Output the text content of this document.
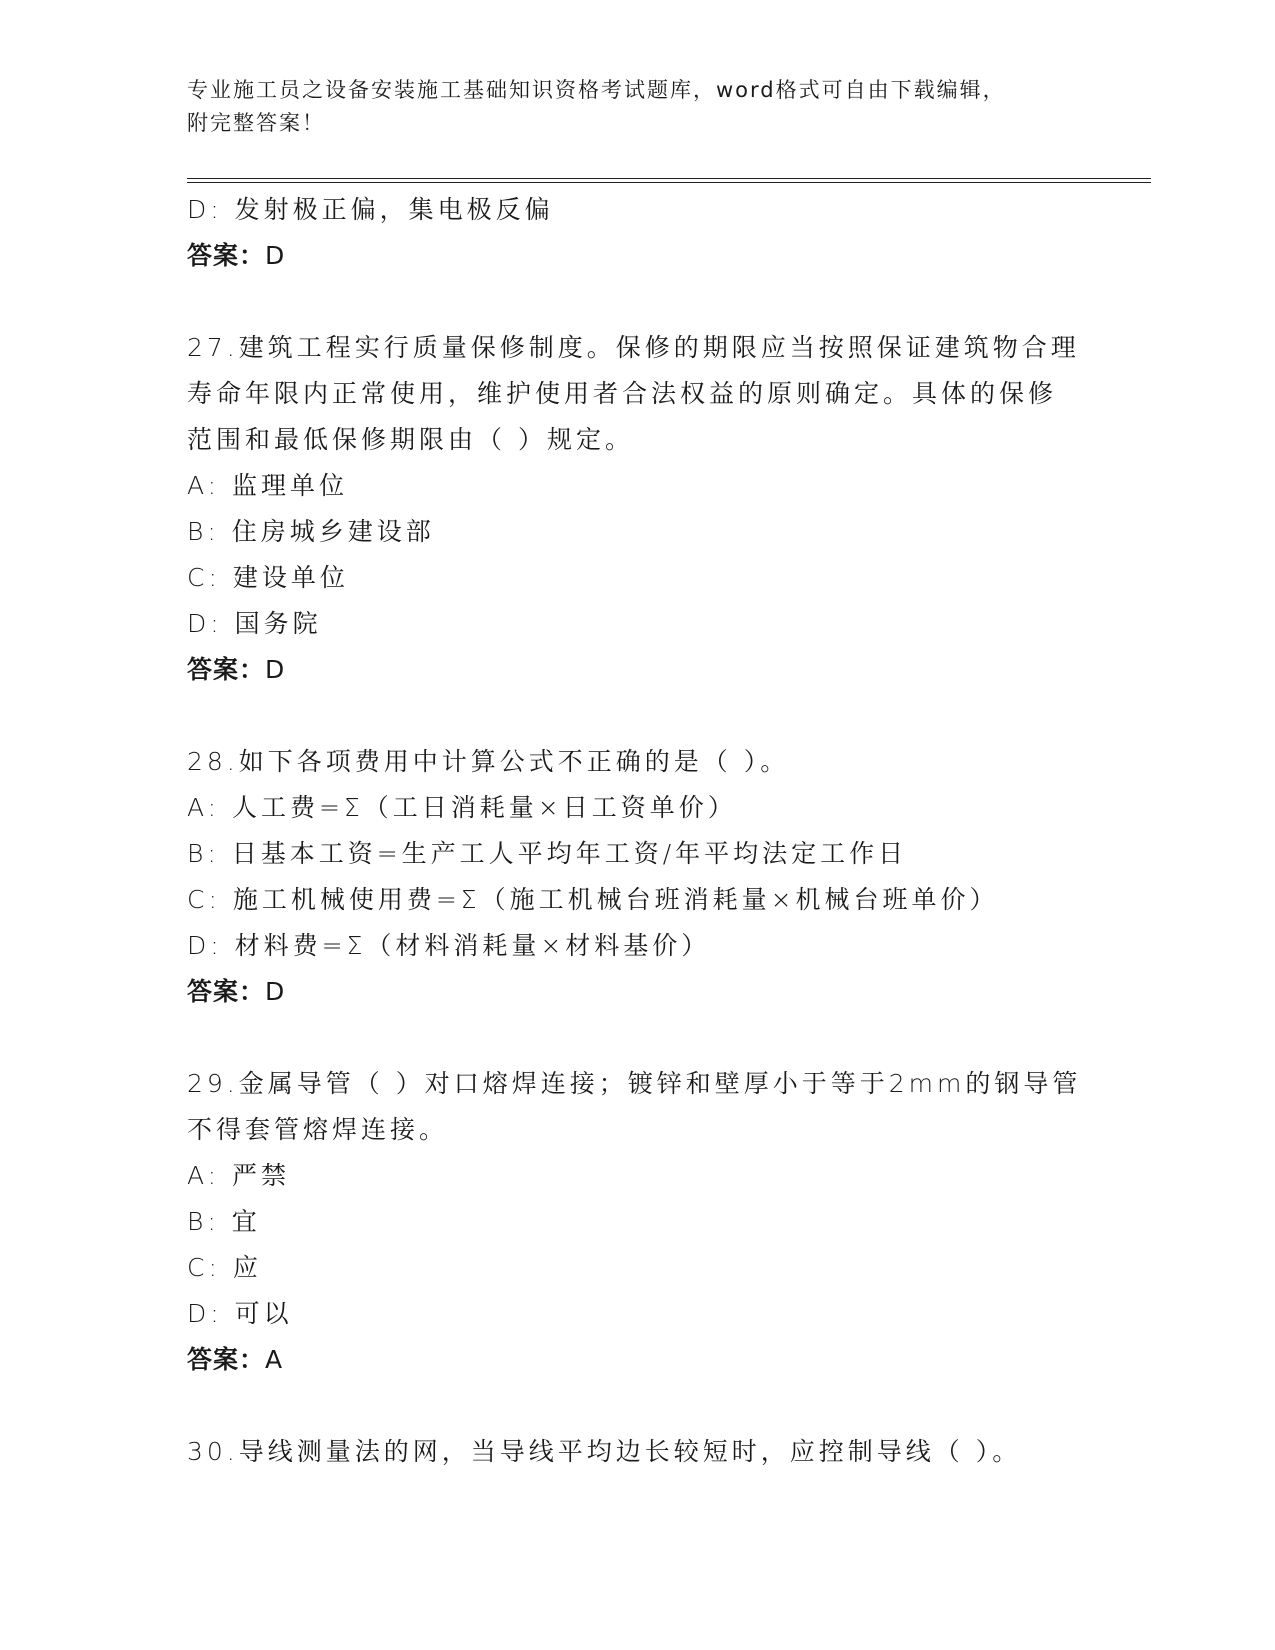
专业施工员之设备安装施工基础知识资格考试题库，word格式可自由下载编辑，
附完整答案！
D: 发射极正偏，集电极反偏
答案：D
27.建筑工程实行质量保修制度。保修的期限应当按照保证建筑物合理
寿命年限内正常使用，维护使用者合法权益的原则确定。具体的保修
范围和最低保修期限由（ ）规定。
A: 监理单位
B: 住房城乡建设部
C: 建设单位
D: 国务院
答案：D
28.如下各项费用中计算公式不正确的是（ ）。
A: 人工费=Σ（工日消耗量×日工资单价）
B: 日基本工资=生产工人平均年工资/年平均法定工作日
C: 施工机械使用费=Σ（施工机械台班消耗量×机械台班单价）
D: 材料费=Σ（材料消耗量×材料基价）
答案：D
29.金属导管（ ）对口熔焊连接；镀锌和壁厚小于等于2mm的钢导管
不得套管熔焊连接。
A: 严禁
B: 宜
C: 应
D: 可以
答案：A
30.导线测量法的网，当导线平均边长较短时，应控制导线（ ）。
